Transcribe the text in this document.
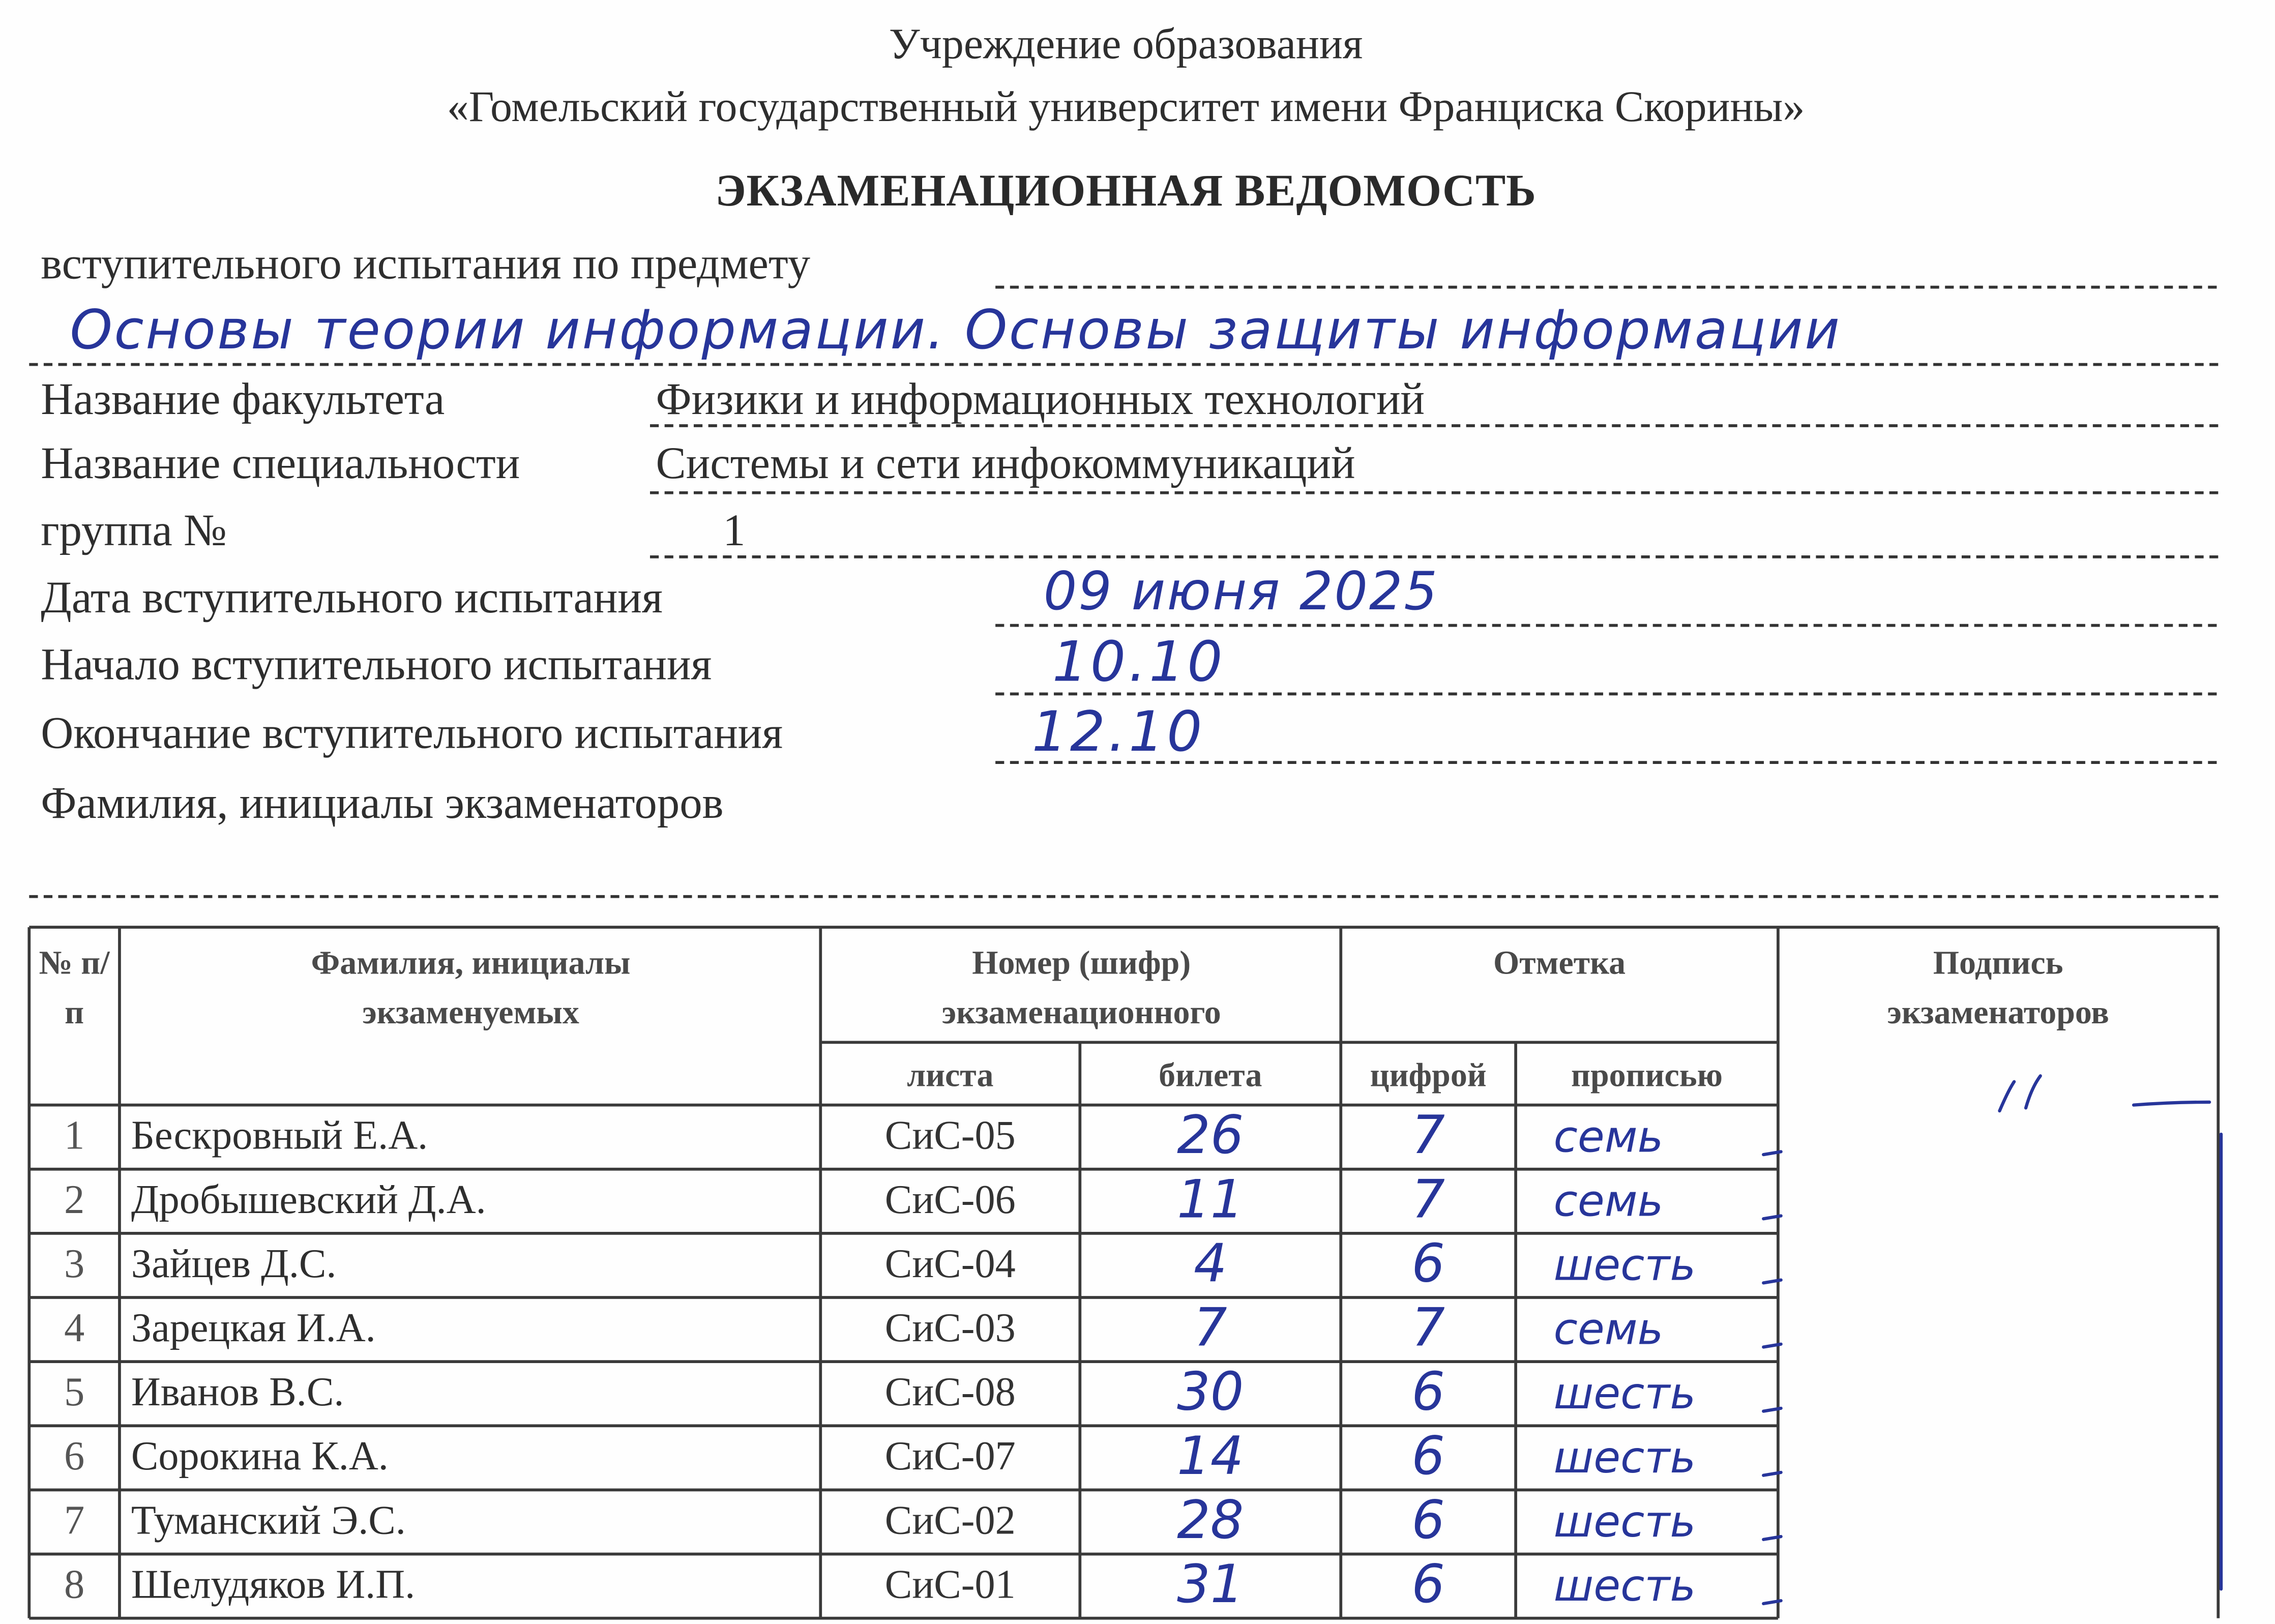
Учреждение образования
«Гомельский государственный университет имени Франциска Скорины»
ЭКЗАМЕНАЦИОННАЯ ВЕДОМОСТЬ
вступительного испытания по предмету
Основы теории информации. Основы защиты информации
Название факультета	Физики и информационных технологий
Название специальности	Системы и сети инфокоммуникаций
группа №	1
Дата вступительного испытания	09 июня 2025
Начало вступительного испытания	10.10
Окончание вступительного испытания	12.10
Фамилия, инициалы экзаменаторов
№ п/п
Фамилия, инициалы экзаменуемых
Номер (шифр) экзаменационного
листа	билета
Отметка
цифрой	прописью
Подпись экзаменаторов
1	Бескровный Е.А.	СиС-05	26	7	семь
2	Дробышевский Д.А.	СиС-06	11	7	семь
3	Зайцев Д.С.	СиС-04	4	6	шесть
4	Зарецкая И.А.	СиС-03	7	7	семь
5	Иванов В.С.	СиС-08	30	6	шесть
6	Сорокина К.А.	СиС-07	14	6	шесть
7	Туманский Э.С.	СиС-02	28	6	шесть
8	Шелудяков И.П.	СиС-01	31	6	шесть
